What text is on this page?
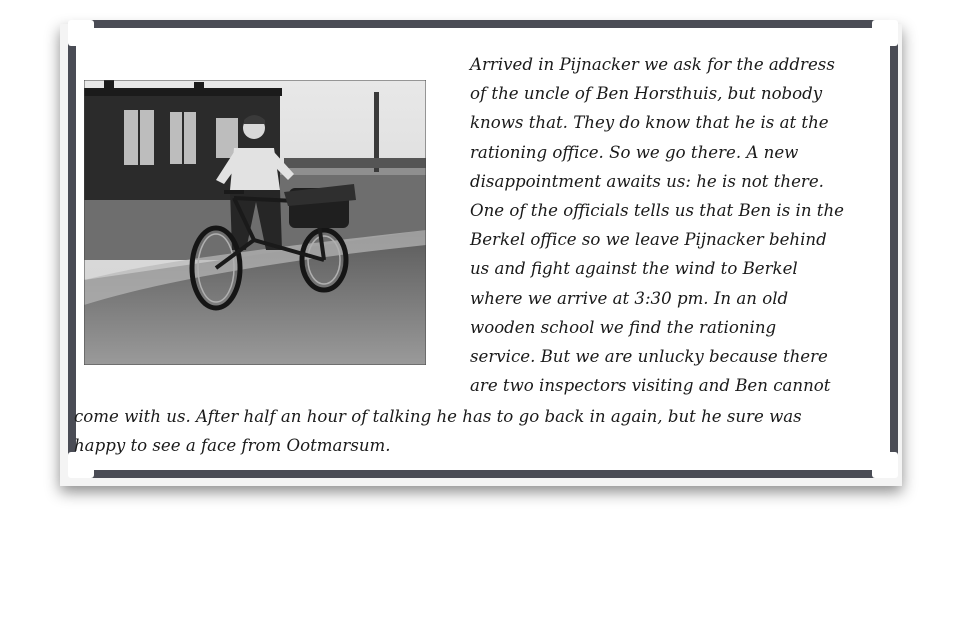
Arrived in Pijnacker we ask for the address
of the uncle of Ben Horsthuis, but nobody
knows that. They do know that he is at the
rationing office. So we go there. A new
disappointment awaits us: he is not there.
One of the officials tells us that Ben is in the
Berkel office so we leave Pijnacker behind
us and fight against the wind to Berkel
where we arrive at 3:30 pm. In an old
wooden school we find the rationing
service. But we are unlucky because there
are two inspectors visiting and Ben cannot
come with us. After half an hour of talking he has to go back in again, but he sure was
happy to see a face from Ootmarsum.
